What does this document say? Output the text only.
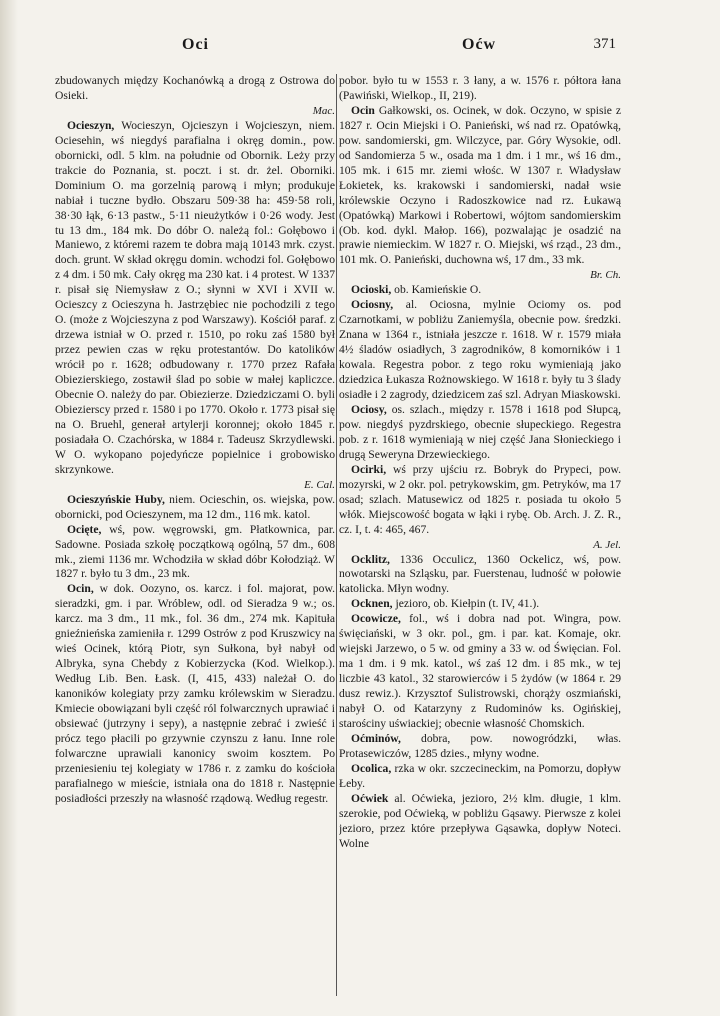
Oci	Oćw	371

zbudowanych między Kochanówką a drogą z Ostrowa do Osieki.
Mac.

Ocieszyn, Wocieszyn, Ojcieszyn i Wojcieszyn, niem. Ociesehin, wś niegdyś parafialna i okręg domin., pow. obornicki, odl. 5 klm. na południe od Obornik. Leży przy trakcie do Poznania, st. poczt. i st. dr. żel. Oborniki. Dominium O. ma gorzelnią parową i młyn; produkuje nabiał i tuczne bydło. Obszaru 509·38 ha: 459·58 roli, 38·30 łąk, 6·13 pastw., 5·11 nieużytków i 0·26 wody. Jest tu 13 dm., 184 mk. Do dóbr O. należą fol.: Gołębowo i Maniewo, z któremi razem te dobra mają 10143 mrk. czyst. doch. grunt. W skład okręgu domin. wchodzi fol. Gołębowo z 4 dm. i 50 mk. Cały okręg ma 230 kat. i 4 protest. W 1337 r. pisał się Niemysław z O.; słynni w XVI i XVII w. Ocieszcy z Ocieszyna h. Jastrzębiec nie pochodzili z tego O. (może z Wojcieszyna z pod Warszawy). Kościół paraf. z drzewa istniał w O. przed r. 1510, po roku zaś 1580 był przez pewien czas w ręku protestantów. Do katolików wrócił po r. 1628; odbudowany r. 1770 przez Rafała Obiezierskiego, zostawił ślad po sobie w małej kapliczce. Obecnie O. należy do par. Obiezierze. Dziedziczami O. byli Obiezierscy przed r. 1580 i po 1770. Około r. 1773 pisał się na O. Bruehl, generał artylerji koronnej; około 1845 r. posiadała O. Czachórska, w 1884 r. Tadeusz Skrzydlewski. W O. wykopano pojedyńcze popielnice i grobowisko skrzynkowe.
E. Cal.

Ocieszyńskie Huby, niem. Ocieschin, os. wiejska, pow. obornicki, pod Ocieszynem, ma 12 dm., 116 mk. katol.

Ocięte, wś, pow. węgrowski, gm. Płatkownica, par. Sadowne. Posiada szkołę początkową ogólną, 57 dm., 608 mk., ziemi 1136 mr. Wchodziła w skład dóbr Kołodziąż. W 1827 r. było tu 3 dm., 23 mk.

Ocin, w dok. Oozyno, os. karcz. i fol. majorat, pow. sieradzki, gm. i par. Wróblew, odl. od Sieradza 9 w.; os. karcz. ma 3 dm., 11 mk., fol. 36 dm., 274 mk. Kapituła gnieźnieńska zamieniła r. 1299 Ostrów z pod Kruszwicy na wieś Ocinek, którą Piotr, syn Sułkona, był nabył od Albryka, syna Chebdy z Kobierzycka (Kod. Wielkop.). Według Lib. Ben. Łask. (I, 415, 433) należał O. do kanoników kolegiaty przy zamku królewskim w Sieradzu. Kmiecie obowiązani byli część ról folwarcznych uprawiać i obsiewać (jutrzyny i sepy), a następnie zebrać i zwieść i prócz tego płacili po grzywnie czynszu z łanu. Inne role folwarczne uprawiali kanonicy swoim kosztem. Po przeniesieniu tej kolegiaty w 1786 r. z zamku do kościoła parafialnego w mieście, istniała ona do 1818 r. Następnie posiadłości przeszły na własność rządową. Według regestr.

pobor. było tu w 1553 r. 3 łany, a w. 1576 r. półtora łana (Pawiński, Wielkop., II, 219).

Ocin Gałkowski, os. Ocinek, w dok. Oczyno, w spisie z 1827 r. Ocin Miejski i O. Panieński, wś nad rz. Opatówką, pow. sandomierski, gm. Wilczyce, par. Góry Wysokie, odl. od Sandomierza 5 w., osada ma 1 dm. i 1 mr., wś 16 dm., 105 mk. i 615 mr. ziemi włośc. W 1307 r. Władysław Łokietek, ks. krakowski i sandomierski, nadał wsie królewskie Oczyno i Radoszkowice nad rz. Łukawą (Opatówką) Markowi i Robertowi, wójtom sandomierskim (Ob. kod. dykl. Małop. 166), pozwalając je osadzić na prawie niemieckim. W 1827 r. O. Miejski, wś rząd., 23 dm., 101 mk. O. Panieński, duchowna wś, 17 dm., 33 mk.
Br. Ch.

Ocioski, ob. Kamieńskie O.

Ociosny, al. Ociosna, mylnie Ociomy os. pod Czarnotkami, w pobliżu Zaniemyśla, obecnie pow. średzki. Znana w 1364 r., istniała jeszcze r. 1618. W r. 1579 miała 4½ śladów osiadłych, 3 zagrodników, 8 komorników i 1 kowala. Regestra pobor. z tego roku wymieniają jako dziedzica Łukasza Rożnowskiego. W 1618 r. były tu 3 ślady osiadłe i 2 zagrody, dziedzicem zaś szl. Adryan Miaskowski.

Ociosy, os. szlach., między r. 1578 i 1618 pod Słupcą, pow. niegdyś pyzdrskiego, obecnie słupeckiego. Regestra pob. z r. 1618 wymieniają w niej część Jana Słonieckiego i drugą Seweryna Drzewieckiego.

Ocirki, wś przy ujściu rz. Bobryk do Prypeci, pow. mozyrski, w 2 okr. pol. petrykowskim, gm. Petryków, ma 17 osad; szlach. Matusewicz od 1825 r. posiada tu około 5 włók. Miejscowość bogata w łąki i rybę. Ob. Arch. J. Z. R., cz. I, t. 4: 465, 467.
A. Jel.

Ocklitz, 1336 Occulicz, 1360 Ockelicz, wś, pow. nowotarski na Szląsku, par. Fuerstenau, ludność w połowie katolicka. Młyn wodny.

Ocknen, jezioro, ob. Kiełpin (t. IV, 41.).

Ocowicze, fol., wś i dobra nad pot. Wingra, pow. święciański, w 3 okr. pol., gm. i par. kat. Komaje, okr. wiejski Jarzewo, o 5 w. od gminy a 33 w. od Święcian. Fol. ma 1 dm. i 9 mk. katol., wś zaś 12 dm. i 85 mk., w tej liczbie 43 katol., 32 starowierców i 5 żydów (w 1864 r. 29 dusz rewiz.). Krzysztof Sulistrowski, chorąży oszmiański, nabył O. od Katarzyny z Rudominów ks. Ogińskiej, starościny uświackiej; obecnie własność Chomskich.

Oćminów, dobra, pow. nowogródzki, włas. Protasewiczów, 1285 dzies., młyny wodne.

Ocolica, rzka w okr. szczecineckim, na Pomorzu, dopływ Łeby.

Oćwiek al. Oćwieka, jezioro, 2½ klm. długie, 1 klm. szerokie, pod Oćwieką, w pobliżu Gąsawy. Pierwsze z kolei jezioro, przez które przepływa Gąsawka, dopływ Noteci. Wolne
